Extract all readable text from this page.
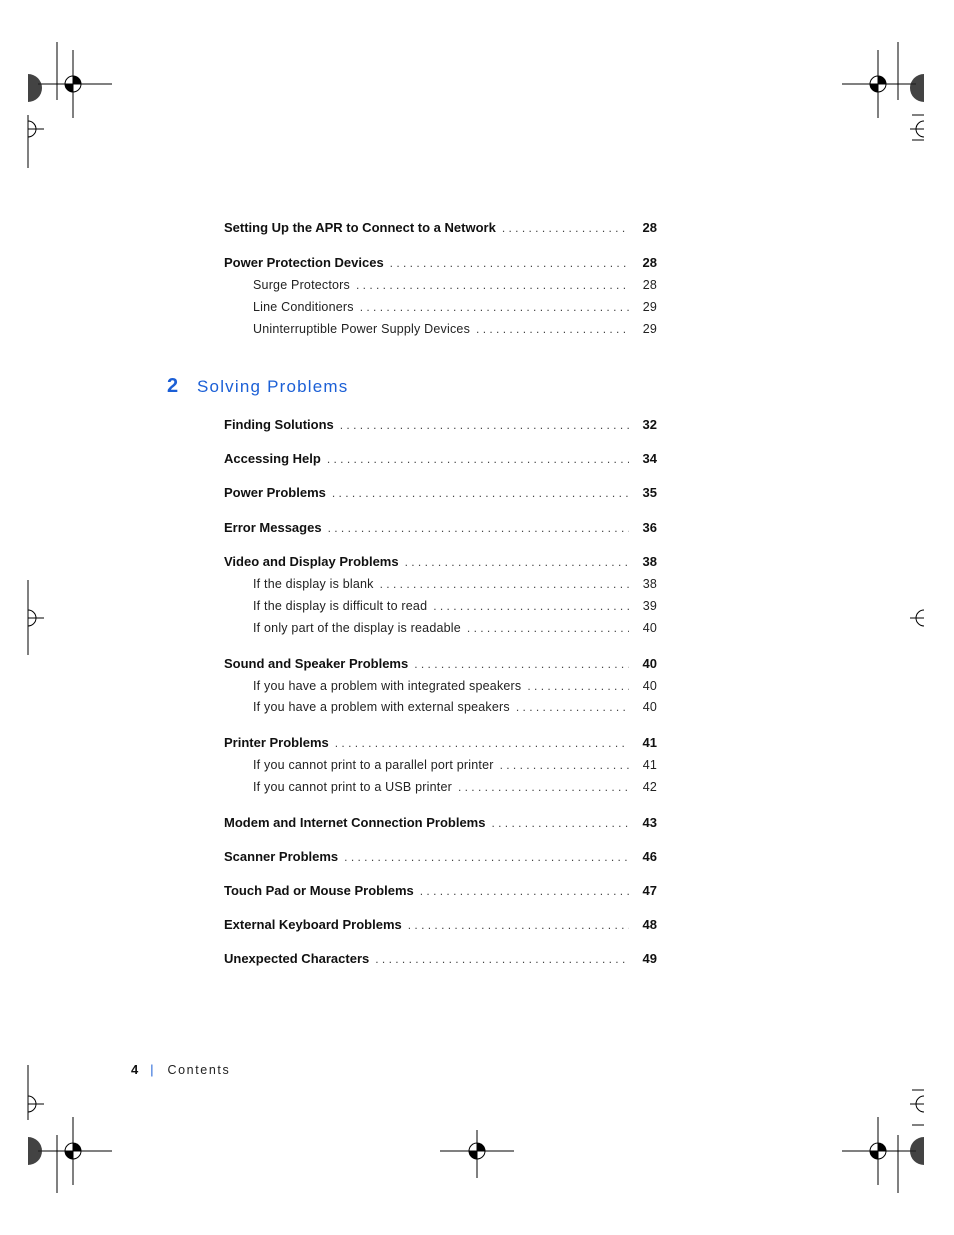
Setting Up the APR to Connect to a Network . . .	28
Power Protection Devices . . .	28
Surge Protectors . . .	28
Line Conditioners . . .	29
Uninterruptible Power Supply Devices . . .	29
2	Solving Problems
Finding Solutions . . .	32
Accessing Help . . .	34
Power Problems . . .	35
Error Messages . . .	36
Video and Display Problems . . .	38
If the display is blank . . .	38
If the display is difficult to read . . .	39
If only part of the display is readable . . .	40
Sound and Speaker Problems . . .	40
If you have a problem with integrated speakers . . .	40
If you have a problem with external speakers . . .	40
Printer Problems . . .	41
If you cannot print to a parallel port printer . . .	41
If you cannot print to a USB printer . . .	42
Modem and Internet Connection Problems . . .	43
Scanner Problems . . .	46
Touch Pad or Mouse Problems . . .	47
External Keyboard Problems . . .	48
Unexpected Characters . . .	49
4 | Contents
